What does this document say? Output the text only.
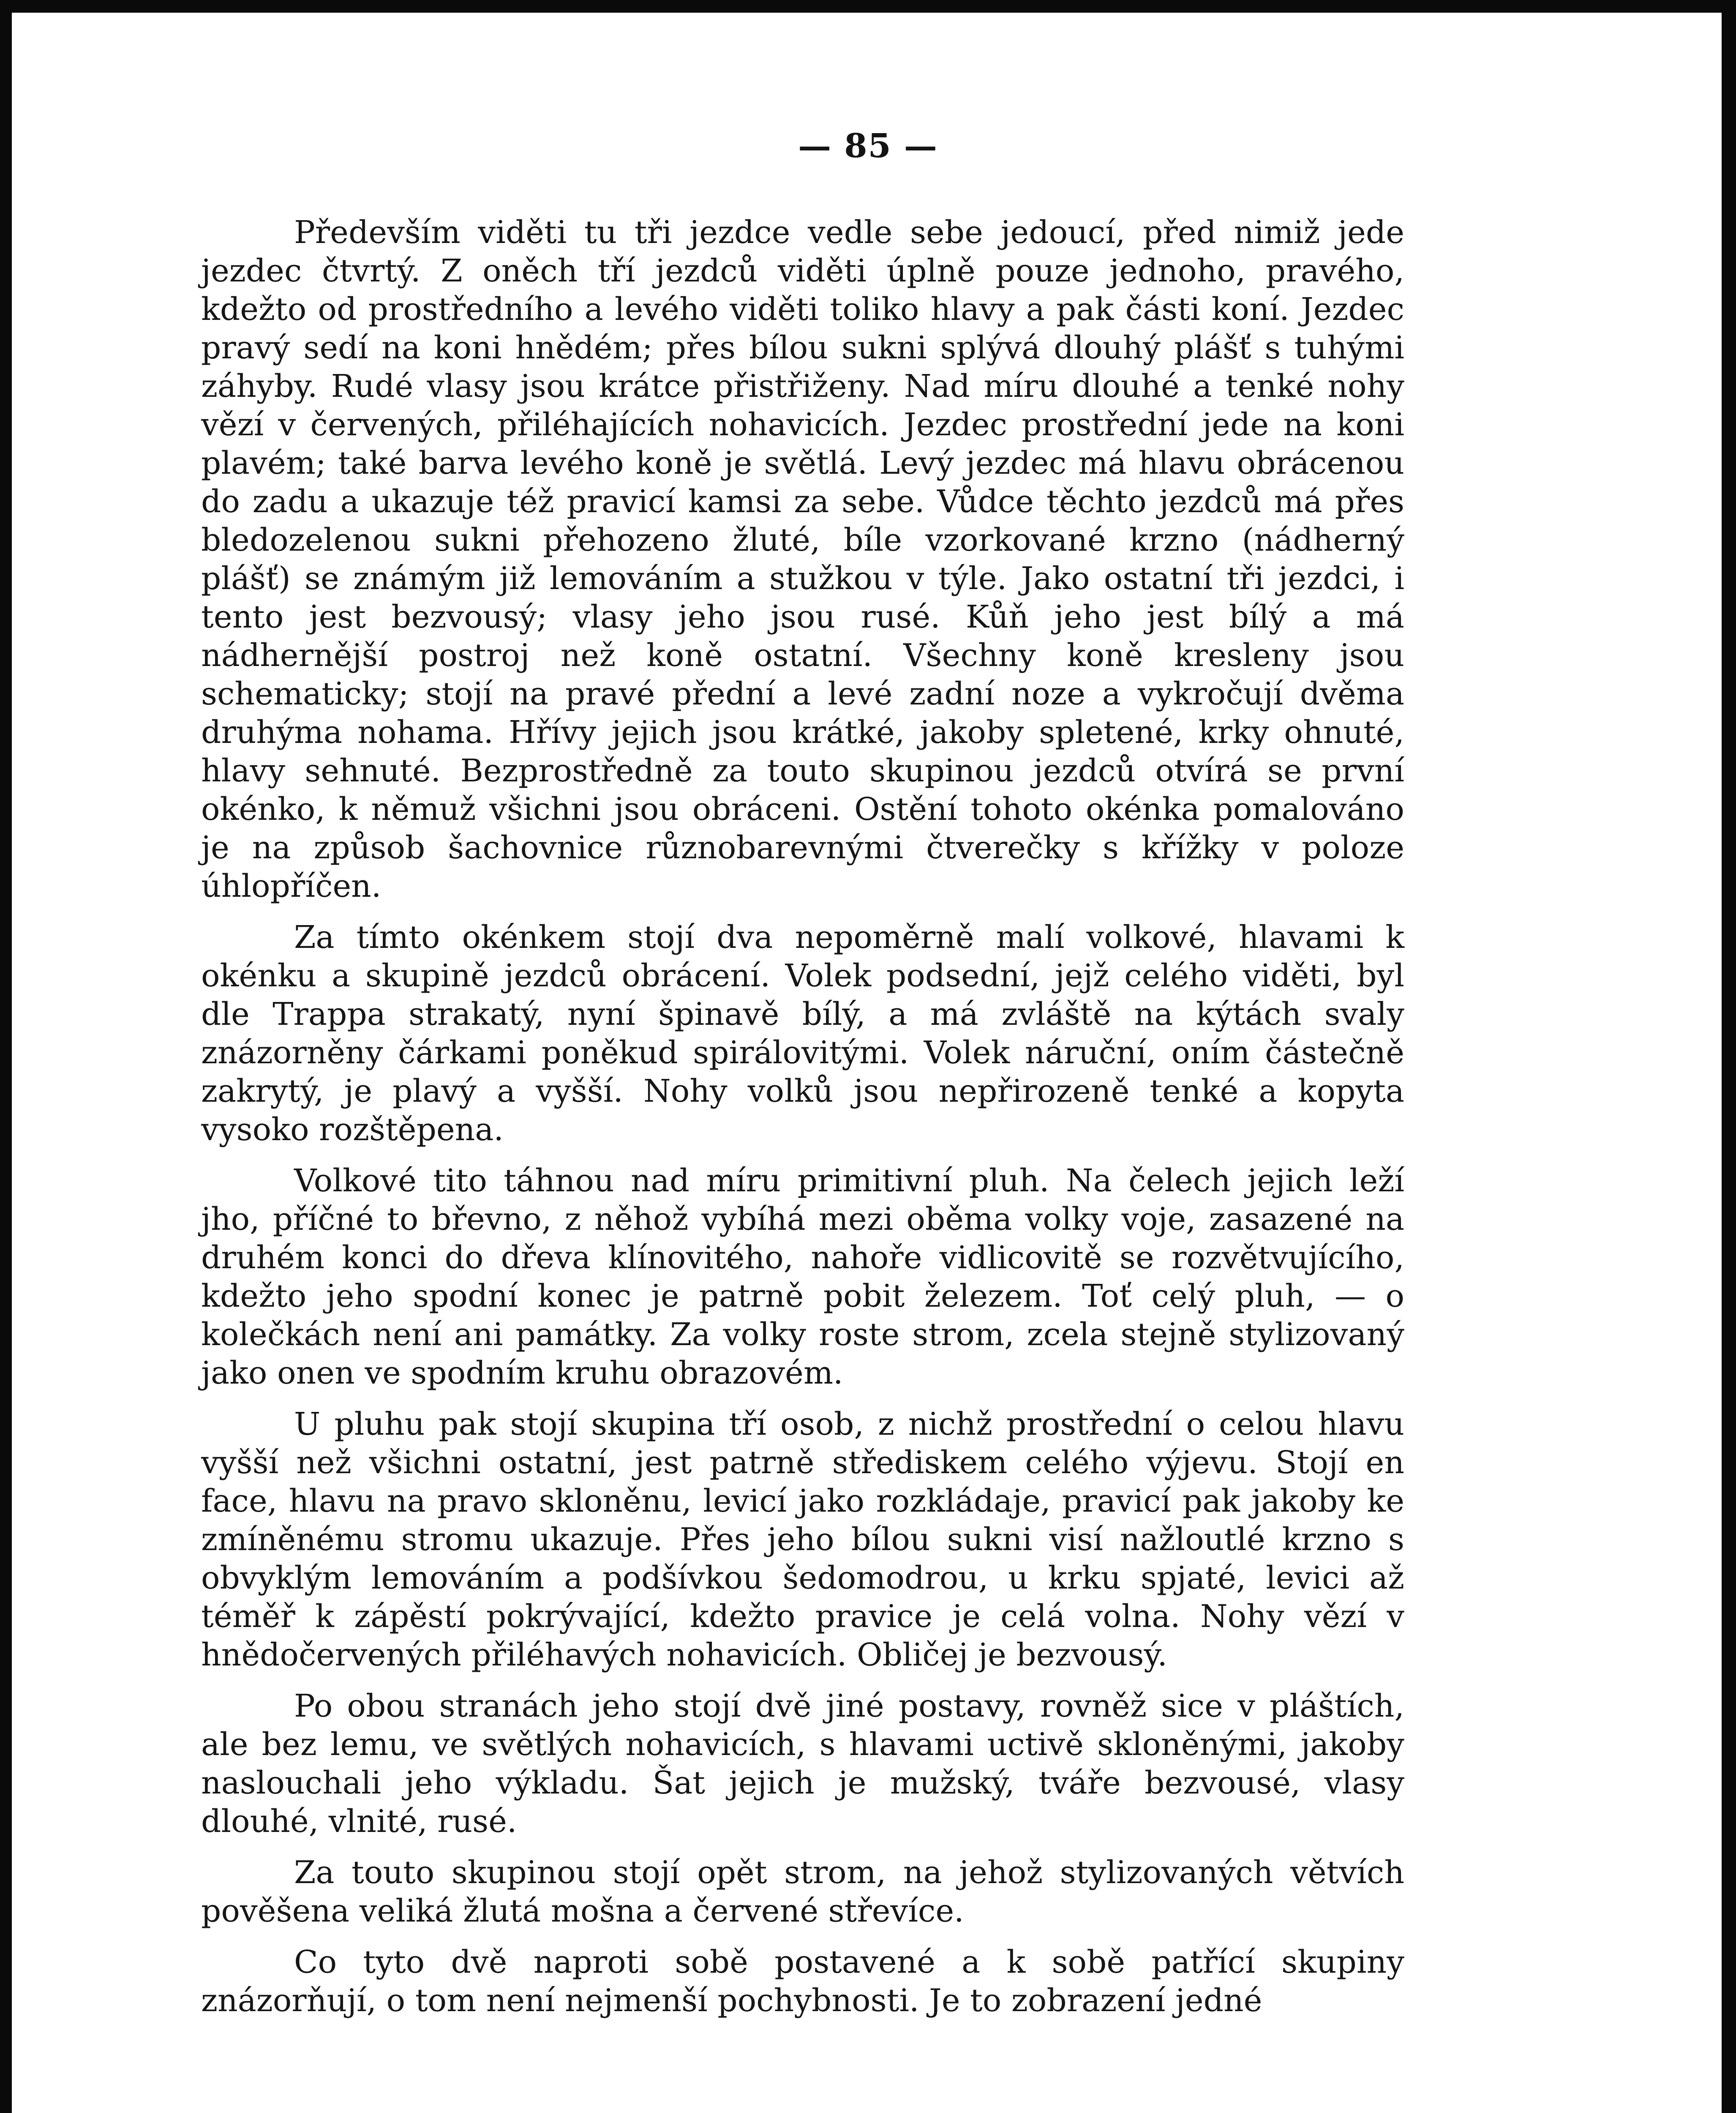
— 85 —

Především viděti tu tři jezdce vedle sebe jedoucí, před nimiž jede jezdec čtvrtý. Z oněch tří jezdců viděti úplně pouze jednoho, pravého, kdežto od prostředního a levého viděti toliko hlavy a pak části koní. Jezdec pravý sedí na koni hnědém; přes bílou sukni splývá dlouhý plášť s tuhými záhyby. Rudé vlasy jsou krátce přistřiženy. Nad míru dlouhé a tenké nohy vězí v červených, přiléhajících nohavicích. Jezdec prostřední jede na koni plavém; také barva levého koně je světlá. Levý jezdec má hlavu obrácenou do zadu a ukazuje též pravicí kamsi za sebe. Vůdce těchto jezdců má přes bledozelenou sukni přehozeno žluté, bíle vzorkované krzno (nádherný plášť) se známým již lemováním a stužkou v týle. Jako ostatní tři jezdci, i tento jest bezvousý; vlasy jeho jsou rusé. Kůň jeho jest bílý a má nádhernější postroj než koně ostatní. Všechny koně kresleny jsou schematicky; stojí na pravé přední a levé zadní noze a vykročují dvěma druhýma nohama. Hřívy jejich jsou krátké, jakoby spletené, krky ohnuté, hlavy sehnuté. Bezprostředně za touto skupinou jezdců otvírá se první okénko, k němuž všichni jsou obráceni. Ostění tohoto okénka pomalováno je na způsob šachovnice různobarevnými čtverečky s křížky v poloze úhlopříčen.

Za tímto okénkem stojí dva nepoměrně malí volkové, hlavami k okénku a skupině jezdců obrácení. Volek podsední, jejž celého viděti, byl dle Trappa strakatý, nyní špinavě bílý, a má zvláště na kýtách svaly znázorněny čárkami poněkud spirálovitými. Volek náruční, oním částečně zakrytý, je plavý a vyšší. Nohy volků jsou nepřirozeně tenké a kopyta vysoko rozštěpena.

Volkové tito táhnou nad míru primitivní pluh. Na čelech jejich leží jho, příčné to břevno, z něhož vybíhá mezi oběma volky voje, zasazené na druhém konci do dřeva klínovitého, nahoře vidlicovitě se rozvětvujícího, kdežto jeho spodní konec je patrně pobit železem. Toť celý pluh, — o kolečkách není ani památky. Za volky roste strom, zcela stejně stylizovaný jako onen ve spodním kruhu obrazovém.

U pluhu pak stojí skupina tří osob, z nichž prostřední o celou hlavu vyšší než všichni ostatní, jest patrně střediskem celého výjevu. Stojí en face, hlavu na pravo skloněnu, levicí jako rozkládaje, pravicí pak jakoby ke zmíněnému stromu ukazuje. Přes jeho bílou sukni visí nažloutlé krzno s obvyklým lemováním a podšívkou šedomodrou, u krku spjaté, levici až téměř k zápěstí pokrývající, kdežto pravice je celá volna. Nohy vězí v hnědočervených přiléhavých nohavicích. Obličej je bezvousý.

Po obou stranách jeho stojí dvě jiné postavy, rovněž sice v pláštích, ale bez lemu, ve světlých nohavicích, s hlavami uctivě skloněnými, jakoby naslouchali jeho výkladu. Šat jejich je mužský, tváře bezvousé, vlasy dlouhé, vlnité, rusé.

Za touto skupinou stojí opět strom, na jehož stylizovaných větvích pověšena veliká žlutá mošna a červené střevíce.

Co tyto dvě naproti sobě postavené a k sobě patřící skupiny znázorňují, o tom není nejmenší pochybnosti. Je to zobrazení jedné
